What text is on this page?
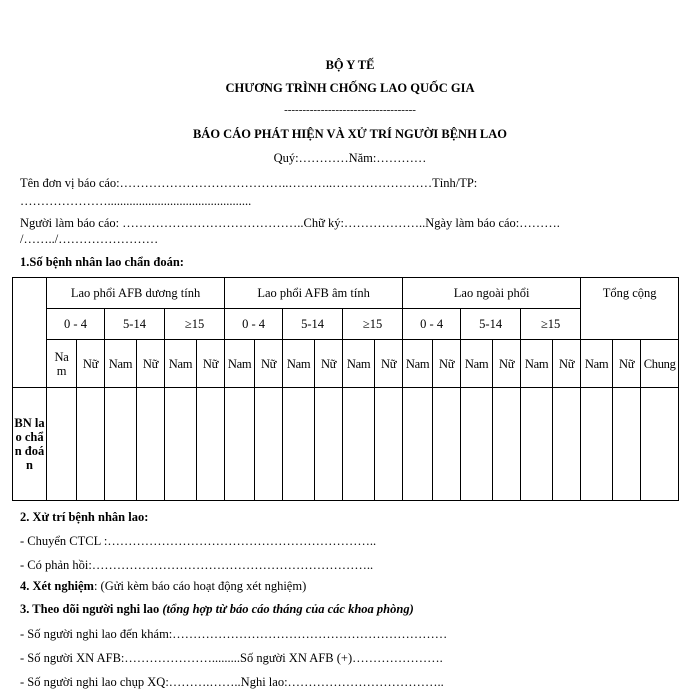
BỘ Y TẾ
CHƯƠNG TRÌNH CHỐNG LAO QUỐC GIA
------------------------------------
BÁO CÁO PHÁT HIỆN VÀ XỬ TRÍ NGƯỜI BỆNH LAO
Quý:…………Năm:…………
Tên đơn vị báo cáo:…………………………………..………..……………………Tỉnh/TP:
…………………..............................................
Người làm báo cáo: ……………………………………..Chữ ký:………………..Ngày làm báo cáo:……….
/……../……………………
1.Số bệnh nhân lao chẩn đoán:
	Lao phổi AFB dương tính						Lao phổi AFB âm tính						Lao ngoài phổi						Tổng cộng		
	0 - 4		5-14		≥15		0 - 4		5-14		≥15		0 - 4		5-14		≥15				
	Nam	Nữ	Nam	Nữ	Nam	Nữ	Nam	Nữ	Nam	Nữ	Nam	Nữ	Nam	Nữ	Nam	Nữ	Nam	Nữ	Nam	Nữ	Chung
BN lao chẩn đoán																					
2. Xử trí bệnh nhân lao:
- Chuyển CTCL :………………………………………………………..
- Có phản hồi:…………………………………………………………..
4. Xét nghiệm: (Gửi kèm báo cáo hoạt động xét nghiệm)
3. Theo dõi người nghi lao (tổng hợp từ báo cáo tháng của các khoa phòng)
- Số người nghi lao đến khám:…………………………………………………………
- Số người XN AFB:………………….........Số người XN AFB (+)………………….
- Số người nghi lao chụp XQ:……….……..Nghi lao:………………………………..
